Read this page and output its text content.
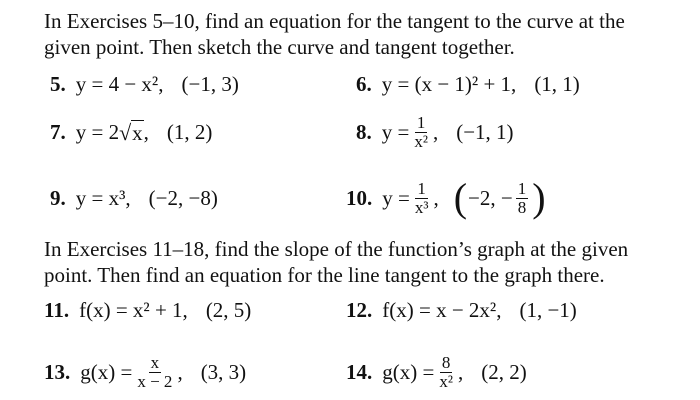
In Exercises 5–10, find an equation for the tangent to the curve at the
given point. Then sketch the curve and tangent together.

5. y = 4 − x², (−1, 3)	6. y = (x − 1)² + 1, (1, 1)
7. y = 2 √ x , (1, 2)	8. $y = \frac{1}{\text{x²}}$ , (−1, 1)
9. y = x³, (−2, −8)	10. $y = \frac{1}{\text{x³}}$ , ( −2, − $\frac{1}{8}$ )

In Exercises 11–18, find the slope of the function’s graph at the given
point. Then find an equation for the line tangent to the graph there.

11. f(x) = x² + 1, (2, 5)	12. f(x) = x − 2x², (1, −1)
13. $g(x) = \frac{x}{x - 2}$ , (3, 3)	14. $g(x) = \frac{8}{\text{x²}}$ , (2, 2)
